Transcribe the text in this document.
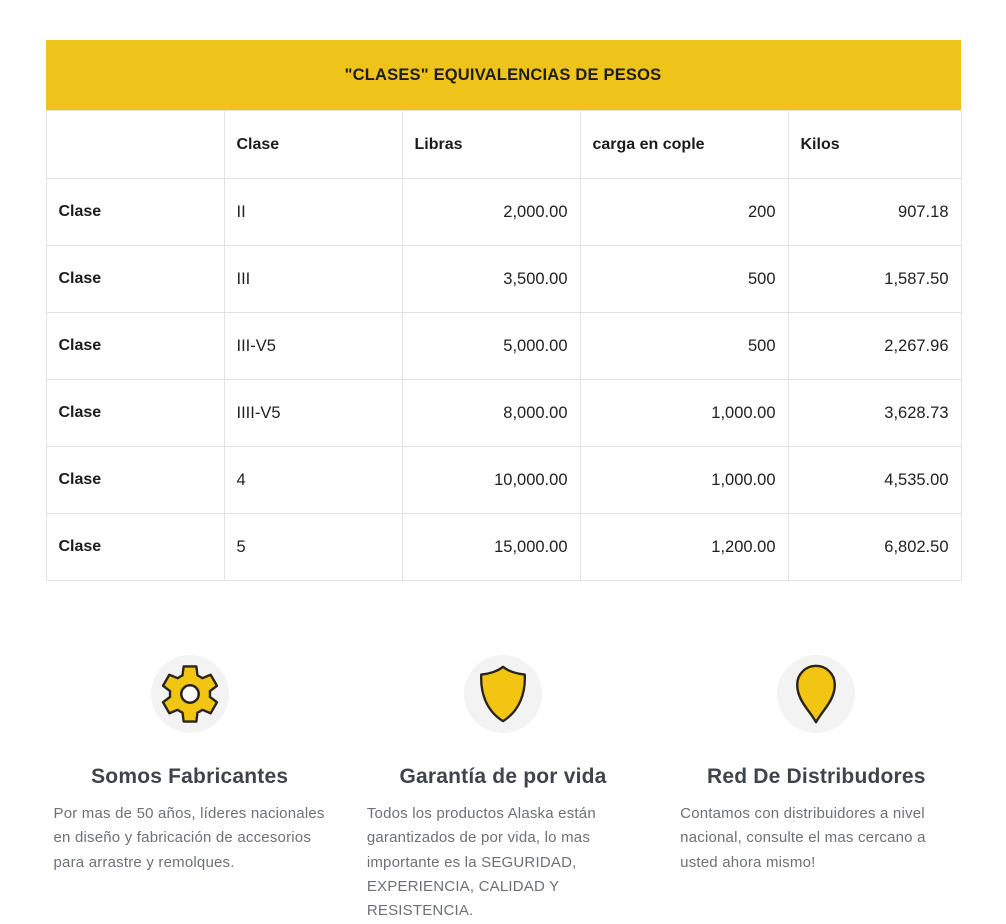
"CLASES" EQUIVALENCIAS DE PESOS
	Clase	Libras	carga en cople	Kilos
Clase	II	2,000.00	200	907.18
Clase	III	3,500.00	500	1,587.50
Clase	III-V5	5,000.00	500	2,267.96
Clase	IIII-V5	8,000.00	1,000.00	3,628.73
Clase	4	10,000.00	1,000.00	4,535.00
Clase	5	15,000.00	1,200.00	6,802.50
Somos Fabricantes
Por mas de 50 años, líderes nacionales en diseño y fabricación de accesorios para arrastre y remolques.
Garantía de por vida
Todos los productos Alaska están garantizados de por vida, lo mas importante es la SEGURIDAD, EXPERIENCIA, CALIDAD Y RESISTENCIA.
Red De Distribudores
Contamos con distribuidores a nivel nacional, consulte el mas cercano a usted ahora mismo!
